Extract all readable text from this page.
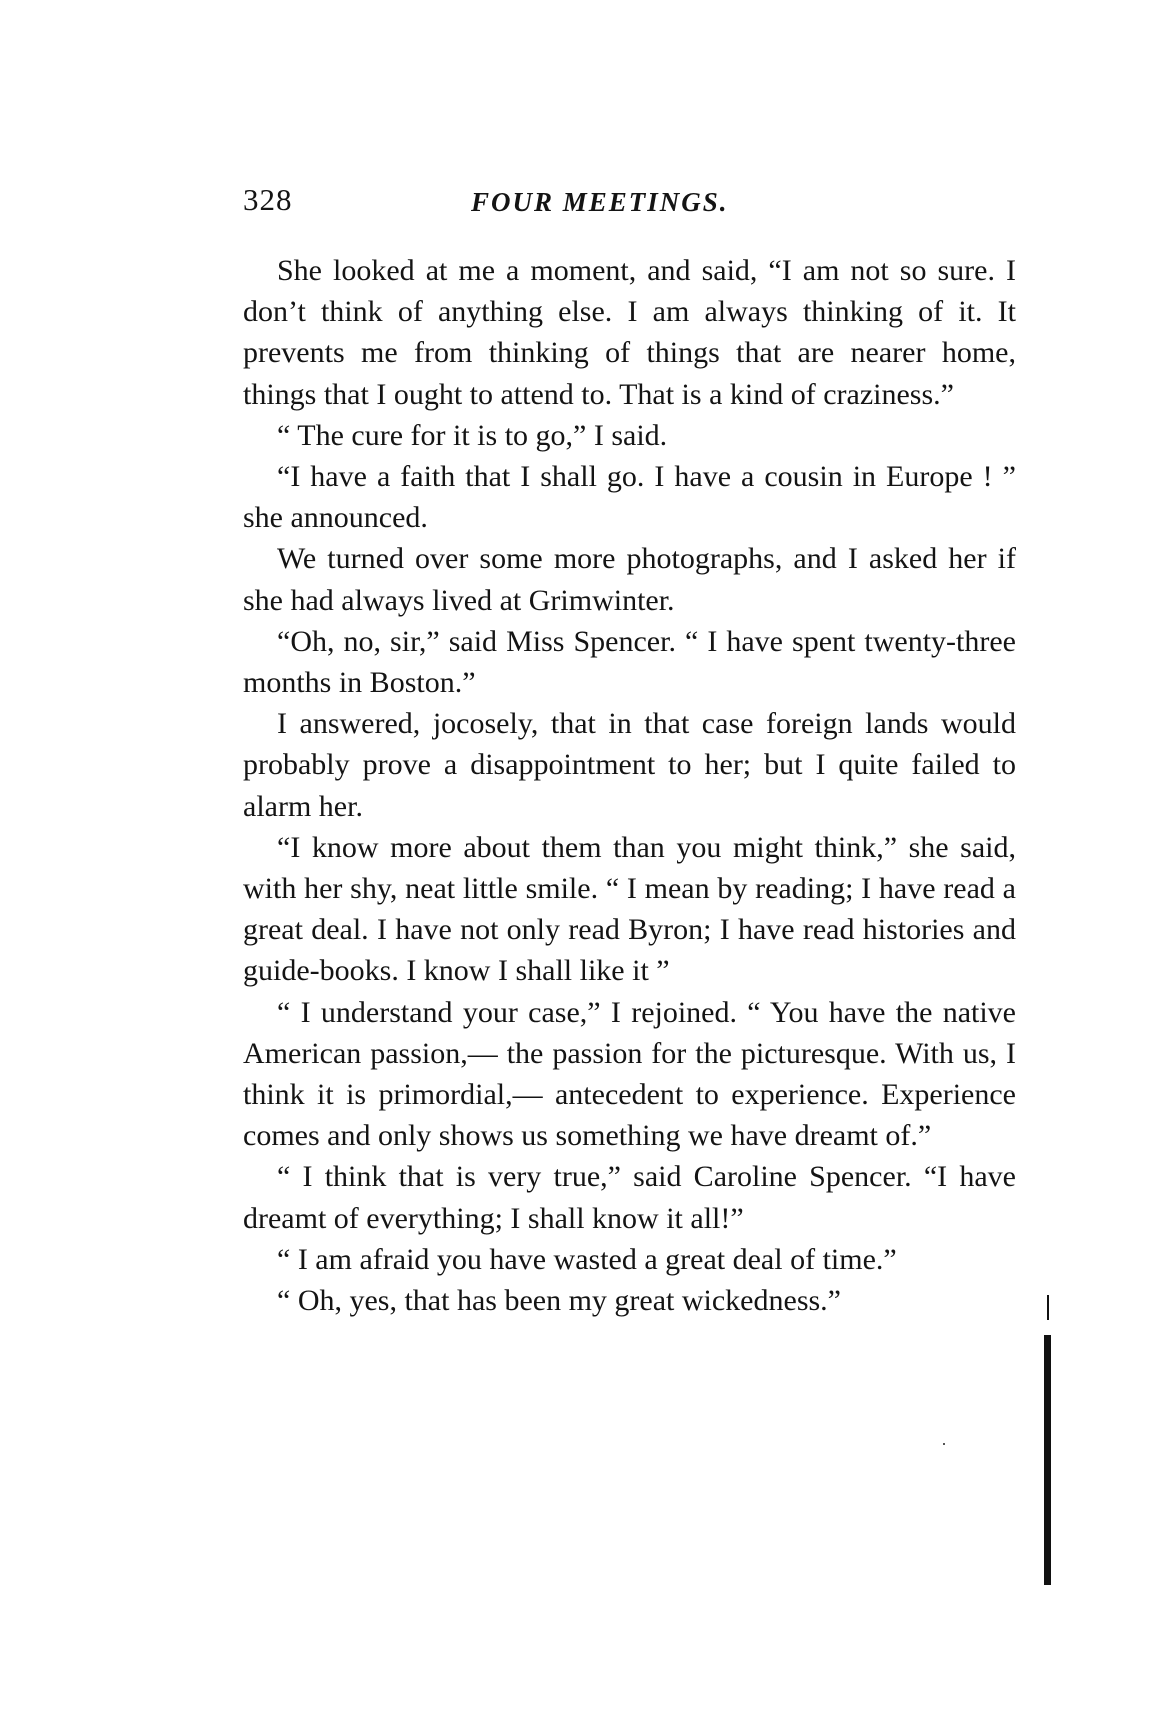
328	FOUR MEETINGS.

She looked at me a moment, and said, “I am not so sure. I don’t think of anything else. I am always thinking of it. It prevents me from thinking of things that are nearer home, things that I ought to attend to. That is a kind of craziness.”

“ The cure for it is to go,” I said.

“I have a faith that I shall go. I have a cousin in Europe ! ” she announced.

We turned over some more photographs, and I asked her if she had always lived at Grimwinter.

“Oh, no, sir,” said Miss Spencer. “ I have spent twenty-three months in Boston.”

I answered, jocosely, that in that case foreign lands would probably prove a disappointment to her; but I quite failed to alarm her.

“I know more about them than you might think,” she said, with her shy, neat little smile. “ I mean by reading; I have read a great deal. I have not only read Byron; I have read histories and guide-books. I know I shall like it ”

“ I understand your case,” I rejoined. “ You have the native American passion,— the passion for the picturesque. With us, I think it is primordial,— antecedent to experience. Experience comes and only shows us something we have dreamt of.”

“ I think that is very true,” said Caroline Spencer. “I have dreamt of everything; I shall know it all!”

“ I am afraid you have wasted a great deal of time.”

“ Oh, yes, that has been my great wickedness.”
